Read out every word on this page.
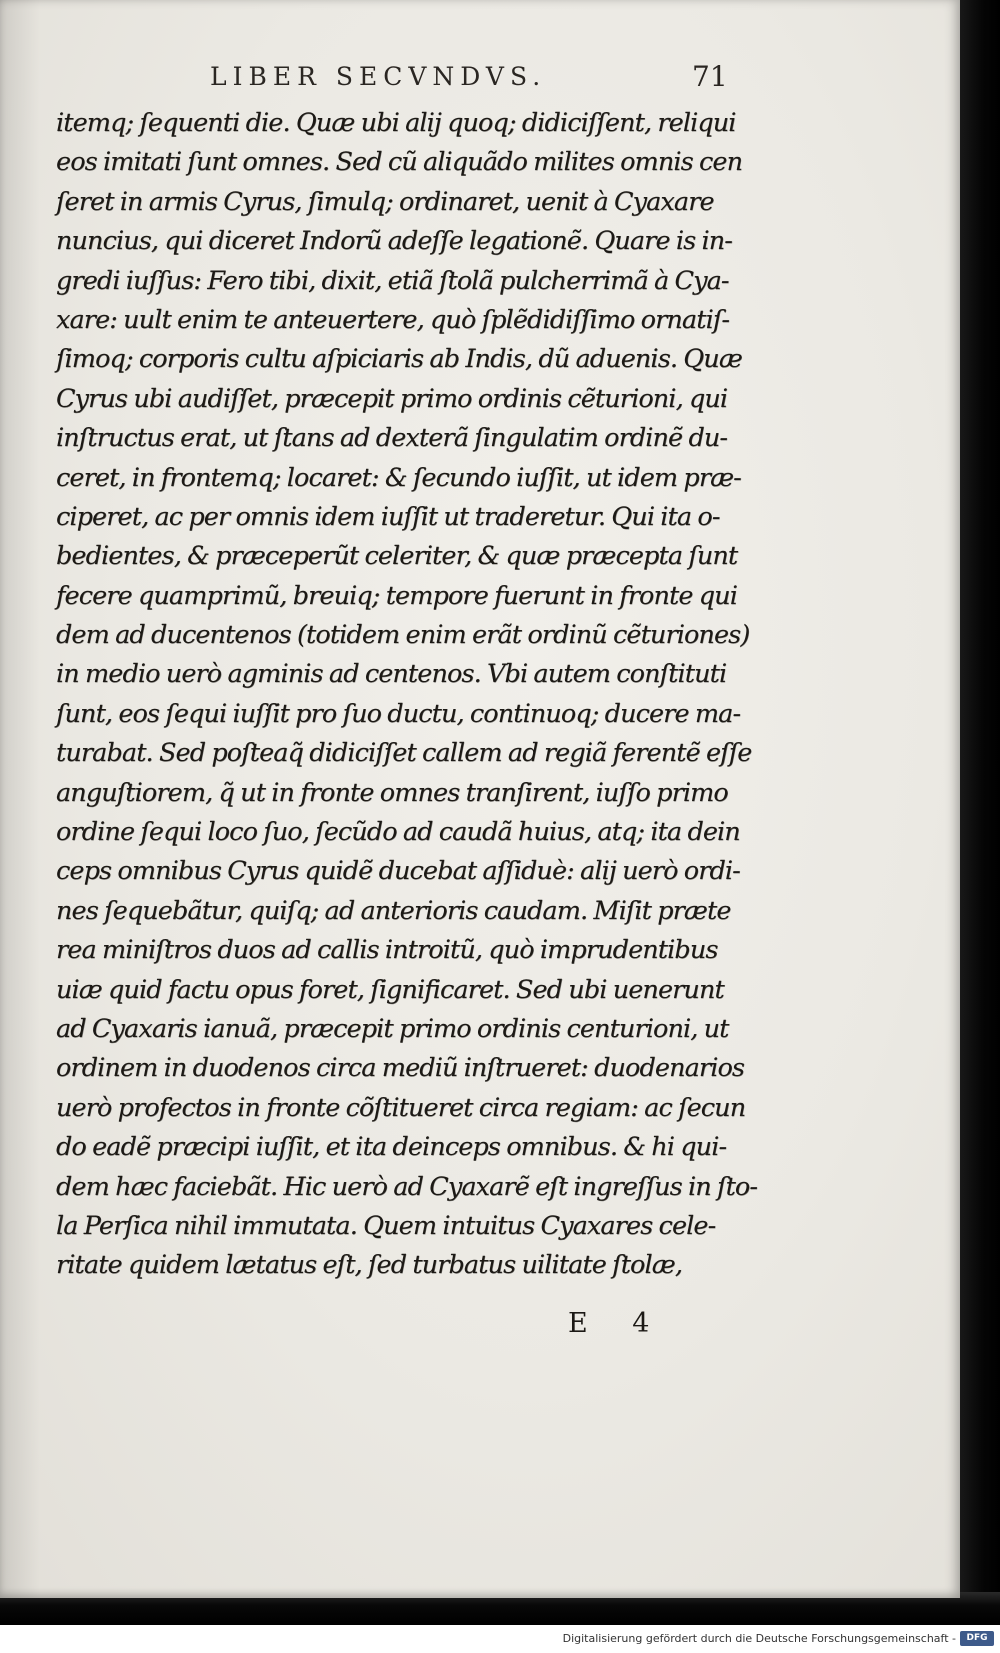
LIBER SECVNDVS.	71
itemq; ſequenti die. Quæ ubi alij quoq; didiciſſent, reliqui
eos imitati ſunt omnes. Sed cũ aliquãdo milites omnis cen
ſeret in armis Cyrus, ſimulq; ordinaret, uenit à Cyaxare
nuncius, qui diceret Indorũ adeſſe legationẽ. Quare is in-
gredi iuſſus: Fero tibi, dixit, etiã ſtolã pulcherrimã à Cya-
xare: uult enim te anteuertere, quò ſplẽdidiſſimo ornatiſ-
ſimoq; corporis cultu aſpiciaris ab Indis, dũ aduenis. Quæ
Cyrus ubi audiſſet, præcepit primo ordinis cẽturioni, qui
inſtructus erat, ut ſtans ad dexterã ſingulatim ordinẽ du-
ceret, in frontemq; locaret: & ſecundo iuſſit, ut idem præ-
ciperet, ac per omnis idem iuſſit ut traderetur. Qui ita o-
bedientes, & præceperũt celeriter, & quæ præcepta ſunt
fecere quamprimũ, breuiq; tempore fuerunt in fronte qui
dem ad ducentenos (totidem enim erãt ordinũ cẽturiones)
in medio uerò agminis ad centenos. Vbi autem conſtituti
ſunt, eos ſequi iuſſit pro ſuo ductu, continuoq; ducere ma-
turabat. Sed poſteaq̃ didiciſſet callem ad regiã ferentẽ eſſe
anguſtiorem, q̃ ut in fronte omnes tranſirent, iuſſo primo
ordine ſequi loco ſuo, ſecũdo ad caudã huius, atq; ita dein
ceps omnibus Cyrus quidẽ ducebat aſſiduè: alij uerò ordi-
nes ſequebãtur, quiſq; ad anterioris caudam. Miſit præte
rea miniſtros duos ad callis introitũ, quò imprudentibus
uiæ quid factu opus foret, ſignificaret. Sed ubi uenerunt
ad Cyaxaris ianuã, præcepit primo ordinis centurioni, ut
ordinem in duodenos circa mediũ inſtrueret: duodenarios
uerò profectos in fronte cõſtitueret circa regiam: ac ſecun
do eadẽ præcipi iuſſit, et ita deinceps omnibus. & hi qui-
dem hæc faciebãt. Hic uerò ad Cyaxarẽ eſt ingreſſus in ſto-
la Perſica nihil immutata. Quem intuitus Cyaxares cele-
ritate quidem lætatus eſt, ſed turbatus uilitate ſtolæ,
E 4
Digitalisierung gefördert durch die Deutsche Forschungsgemeinschaft -	DFG
